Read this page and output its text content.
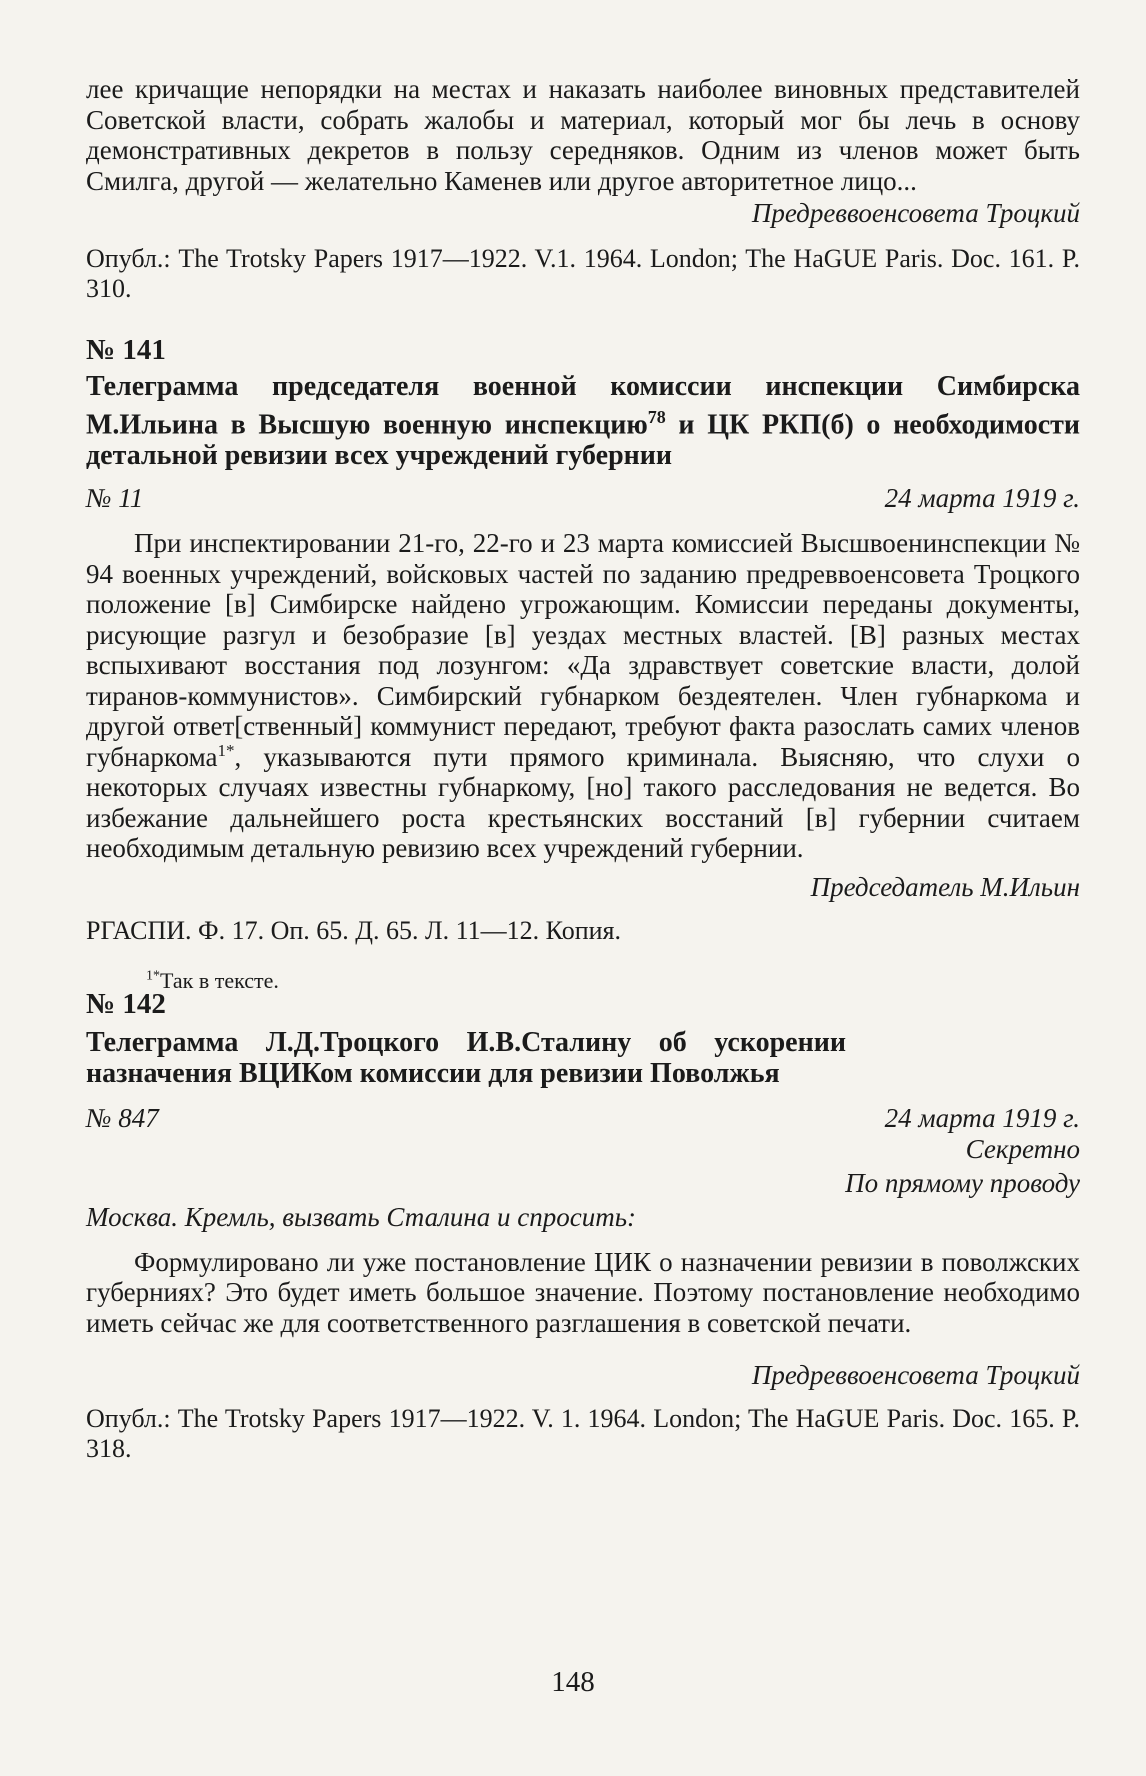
лее кричащие непорядки на местах и наказать наиболее виновных представителей Советской власти, собрать жалобы и материал, который мог бы лечь в основу демонстративных декретов в пользу середняков. Одним из членов может быть Смилга, другой — желательно Каменев или другое авторитетное лицо...

Предреввоенсовета Троцкий

Опубл.: The Trotsky Papers 1917—1922. V.1. 1964. London; The HaGUE Paris. Doc. 161. P. 310.

№ 141

Телеграмма председателя военной комиссии инспекции Симбирска М.Ильина в Высшую военную инспекцию$^{78}$ и ЦК РКП(б) о необходимости детальной ревизии всех учреждений губернии

№ 11	24 марта 1919 г.

При инспектировании 21-го, 22-го и 23 марта комиссией Высшвоенинспекции № 94 военных учреждений, войсковых частей по заданию предреввоенсовета Троцкого положение [в] Симбирске найдено угрожающим. Комиссии переданы документы, рисующие разгул и безобразие [в] уездах местных властей. [В] разных местах вспыхивают восстания под лозунгом: «Да здравствует советские власти, долой тиранов-коммунистов». Симбирский губнарком бездеятелен. Член губнаркома и другой ответ[ственный] коммунист передают, требуют факта разослать самих членов губнаркома$^{1*}$, указываются пути прямого криминала. Выясняю, что слухи о некоторых случаях известны губнаркому, [но] такого расследования не ведется. Во избежание дальнейшего роста крестьянских восстаний [в] губернии считаем необходимым детальную ревизию всех учреждений губернии.

Председатель М.Ильин

РГАСПИ. Ф. 17. Оп. 65. Д. 65. Л. 11—12. Копия.

$^{1*}$Так в тексте.

№ 142

Телеграмма Л.Д.Троцкого И.В.Сталину об ускорении назначения ВЦИКом комиссии для ревизии Поволжья

№ 847	24 марта 1919 г.

Секретно

По прямому проводу

Москва. Кремль, вызвать Сталина и спросить:

Формулировано ли уже постановление ЦИК о назначении ревизии в поволжских губерниях? Это будет иметь большое значение. Поэтому постановление необходимо иметь сейчас же для соответственного разглашения в советской печати.

Предреввоенсовета Троцкий

Опубл.: The Trotsky Papers 1917—1922. V. 1. 1964. London; The HaGUE Paris. Doc. 165. P. 318.

148
